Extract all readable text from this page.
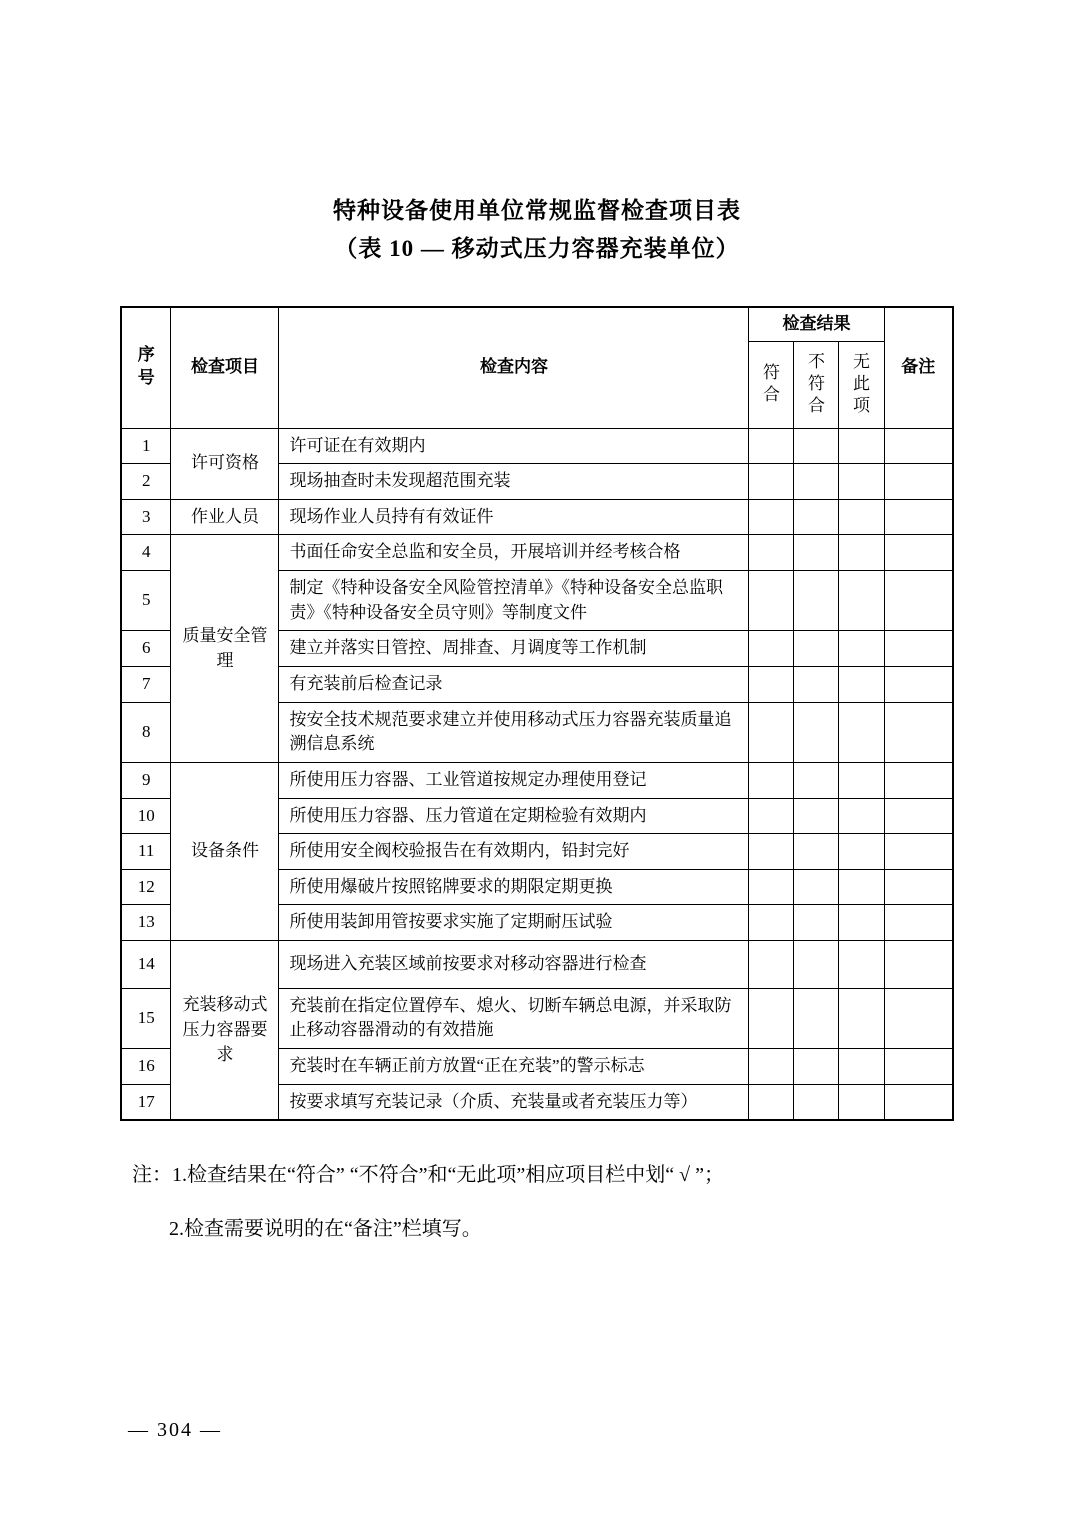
特种设备使用单位常规监督检查项目表
（表 10 — 移动式压力容器充装单位）
序号	检查项目	检查内容	检查结果			备注
			符合	不符合	无此项	
1	许可资格	许可证在有效期内				
2		现场抽查时未发现超范围充装				
3	作业人员	现场作业人员持有有效证件				
4	质量安全管理	书面任命安全总监和安全员，开展培训并经考核合格				
5		制定《特种设备安全风险管控清单》《特种设备安全总监职责》《特种设备安全员守则》等制度文件				
6		建立并落实日管控、周排查、月调度等工作机制				
7		有充装前后检查记录				
8		按安全技术规范要求建立并使用移动式压力容器充装质量追溯信息系统				
9	设备条件	所使用压力容器、工业管道按规定办理使用登记				
10		所使用压力容器、压力管道在定期检验有效期内				
11		所使用安全阀校验报告在有效期内，铅封完好				
12		所使用爆破片按照铭牌要求的期限定期更换				
13		所使用装卸用管按要求实施了定期耐压试验				
14	充装移动式压力容器要求	现场进入充装区域前按要求对移动容器进行检查				
15		充装前在指定位置停车、熄火、切断车辆总电源，并采取防止移动容器滑动的有效措施				
16		充装时在车辆正前方放置“正在充装”的警示标志				
17		按要求填写充装记录（介质、充装量或者充装压力等）				
注：1.检查结果在“符合” “不符合”和“无此项”相应项目栏中划“ √ ”；
2.检查需要说明的在“备注”栏填写。
— 304 —
